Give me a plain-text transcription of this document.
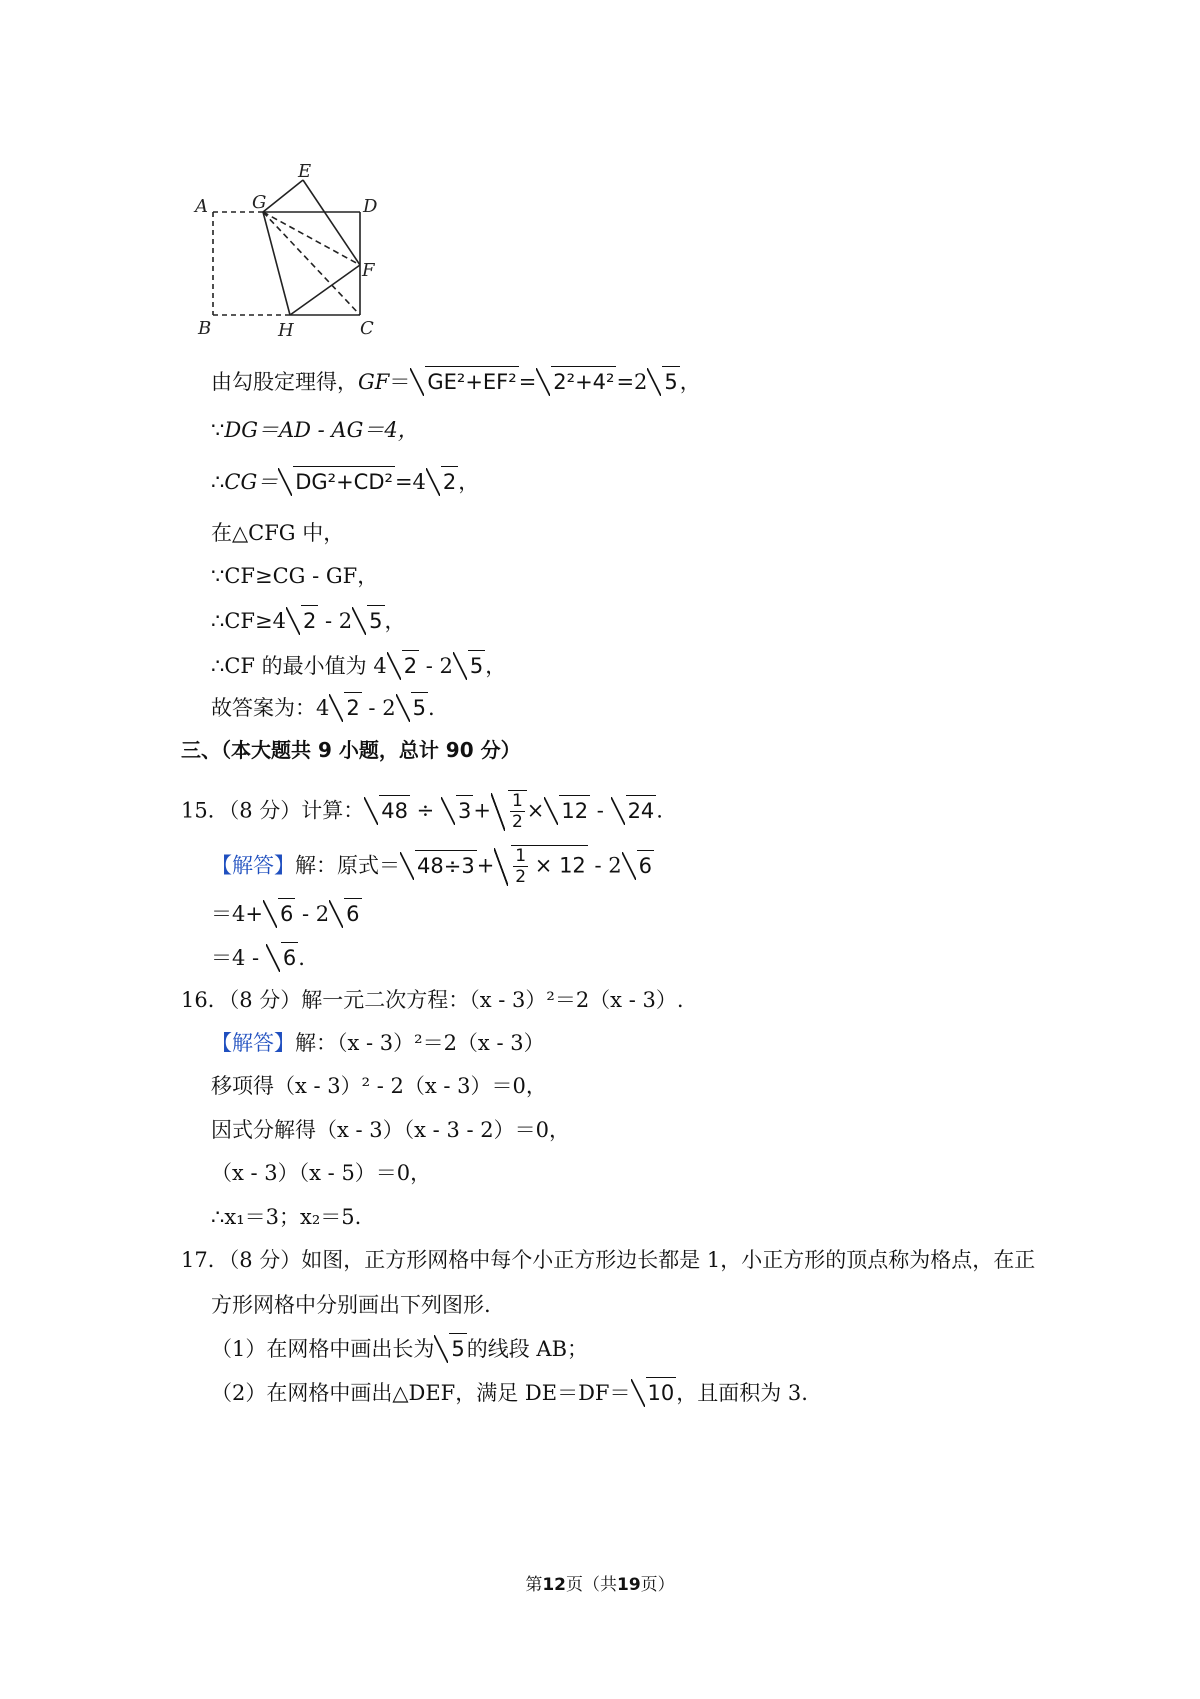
A
B	C
D
E
F
G
H
由勾股定理得，GF＝ GE²+EF²= 2²+4²=2 5，
∵DG＝AD - AG＝4，
∴CG＝ DG²+CD²=4 2，
在△CFG 中，
∵CF≥CG - GF，
∴CF≥4 2 - 2 5，
∴CF 的最小值为 4 2 - 2 5，
故答案为：4 2 - 2 5.
三、（本大题共 9 小题，总计 90 分）
15．（8 分）计算： $48 \div 3+ \frac{1}{2} \times 12 - 24$.
【解答】解：原式＝ $48\div 3+ \frac{1}{2} \times 12 - 2$ 6
＝4+ 6 - 2 6
＝4 - 6.
16．（8 分）解一元二次方程：（x - 3）²＝2（x - 3）.
【解答】解：（x - 3）²＝2（x - 3）
移项得（x - 3）² - 2（x - 3）＝0，
因式分解得（x - 3）（x - 3 - 2）＝0，
（x - 3）（x - 5）＝0，
∴x₁＝3；x₂＝5.
17．（8 分）如图，正方形网格中每个小正方形边长都是 1，小正方形的顶点称为格点，在正
方形网格中分别画出下列图形.
（1）在网格中画出长为 5的线段 AB；
（2）在网格中画出△DEF，满足 DE＝DF＝ 10，且面积为 3.
第12页（共19页）
